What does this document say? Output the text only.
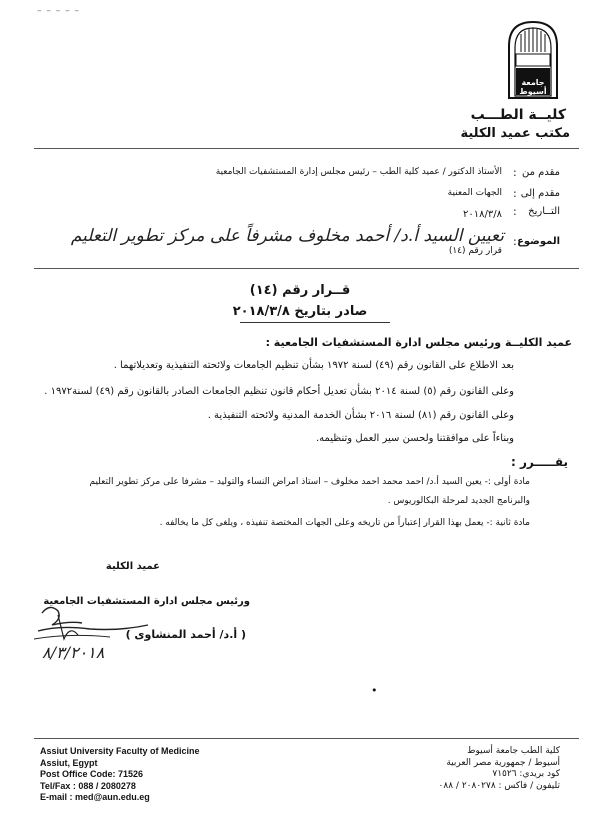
– – – – –
جامعة أسيوط
كليــة الطـــب
مكتب عميد الكلية
مقدم من
:
الأستاذ الدكتور / عميد كلية الطب – رئيس مجلس إدارة المستشفيات الجامعية
مقدم إلى
:
الجهات المعنية
التــاريخ
:
٢٠١٨/٣/٨
الموضوع
:
قرار رقم (١٤)
تعيين السيد أ.د/ أحمد مخلوف مشرفاً على مركز تطوير التعليم
قــرار رقم (١٤)
صادر بتاريخ ٢٠١٨/٣/٨
عميد الكليــة ورئيس مجلس ادارة المستشفيات الجامعية :
بعد الاطلاع على القانون رقم (٤٩) لسنة ١٩٧٢ بشأن تنظيم الجامعات ولائحته التنفيذية وتعديلاتهما .
وعلى القانون رقم (٥) لسنة ٢٠١٤ بشأن تعديل أحكام قانون تنظيم الجامعات الصادر بالقانون رقم (٤٩) لسنة١٩٧٢ .
وعلى القانون رقم (٨١) لسنة ٢٠١٦ بشأن الخدمة المدنية ولائحته التنفيذية .
وبناءاً على موافقتنا ولحسن سير العمل وتنظيمه.
يقـــــرر :
مادة أولى :- يعين السيد أ.د/ احمد محمد احمد مخلوف – استاذ امراض النساء والتوليد – مشرفا على مركز تطوير التعليم
والبرنامج الجديد لمرحلة البكالوريوس .
مادة ثانية :- يعمل بهذا القرار إعتباراً من تاريخه وعلى الجهات المختصة تنفيذه ، ويلغى كل ما يخالفه .
عميد الكلية
ورئيس مجلس ادارة المستشفيات الجامعية
( أ.د/ أحمد المنشاوى )
٨/٣/٢٠١٨
•
Assiut University Faculty of Medicine
Assiut, Egypt
Post Office Code: 71526
Tel/Fax : 088 / 2080278
E-mail : med@aun.edu.eg
كلية الطب جامعة أسيوط
أسيوط / جمهورية مصر العربية
كود بريدي: ٧١٥٢٦
تليفون / فاكس : ٢٠٨٠٢٧٨ / ٠٨٨
